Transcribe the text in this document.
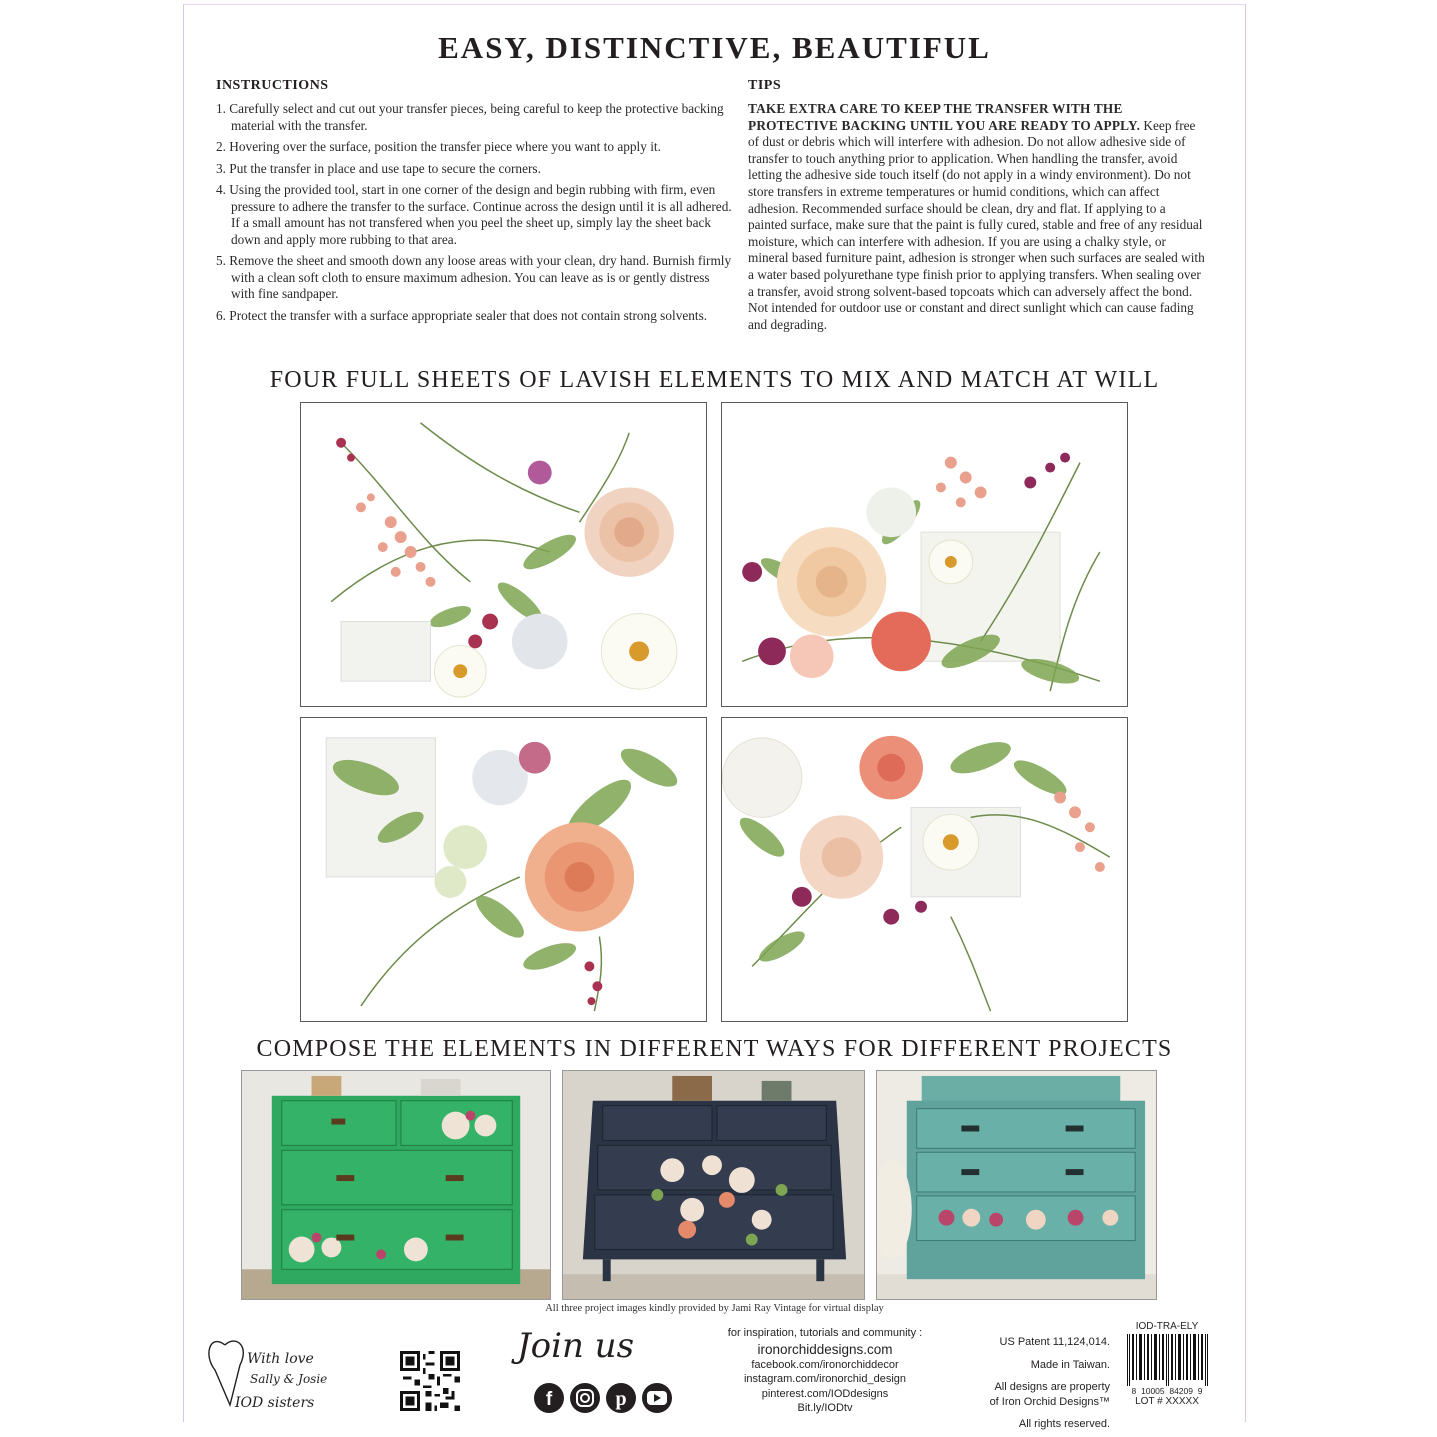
EASY, DISTINCTIVE, BEAUTIFUL
INSTRUCTIONS
1. Carefully select and cut out your transfer pieces, being careful to keep the protective backing material with the transfer.
2. Hovering over the surface, position the transfer piece where you want to apply it.
3. Put the transfer in place and use tape to secure the corners.
4. Using the provided tool, start in one corner of the design and begin rubbing with firm, even pressure to adhere the transfer to the surface. Continue across the design until it is all adhered. If a small amount has not transfered when you peel the sheet up, simply lay the sheet back down and apply more rubbing to that area.
5. Remove the sheet and smooth down any loose areas with your clean, dry hand. Burnish firmly with a clean soft cloth to ensure maximum adhesion. You can leave as is or gently distress with fine sandpaper.
6. Protect the transfer with a surface appropriate sealer that does not contain strong solvents.
TIPS
TAKE EXTRA CARE TO KEEP THE TRANSFER WITH THE PROTECTIVE BACKING UNTIL YOU ARE READY TO APPLY. Keep free of dust or debris which will interfere with adhesion. Do not allow adhesive side of transfer to touch anything prior to application. When handling the transfer, avoid letting the adhesive side touch itself (do not apply in a windy environment). Do not store transfers in extreme temperatures or humid conditions, which can affect adhesion. Recommended surface should be clean, dry and flat. If applying to a painted surface, make sure that the paint is fully cured, stable and free of any residual moisture, which can interfere with adhesion. If you are using a chalky style, or mineral based furniture paint, adhesion is stronger when such surfaces are sealed with a water based polyurethane type finish prior to applying transfers. When sealing over a transfer, avoid strong solvent-based topcoats which can adversely affect the bond. Not intended for outdoor use or constant and direct sunlight which can cause fading and degrading.
FOUR FULL SHEETS OF LAVISH ELEMENTS TO MIX AND MATCH AT WILL
COMPOSE THE ELEMENTS IN DIFFERENT WAYS FOR DIFFERENT PROJECTS
All three project images kindly provided by Jami Ray Vintage for virtual display
With love
Sally & Josie
IOD sisters
Join us
f	p
for inspiration, tutorials and community :
ironorchiddesigns.com
facebook.com/ironorchiddecor
instagram.com/ironorchid_design
pinterest.com/IODdesigns
Bit.ly/IODtv
US Patent 11,124,014.
Made in Taiwan.
All designs are property
of Iron Orchid Designs™
All rights reserved.
IOD-TRA-ELY
8  10005  84209  9
LOT # XXXXX
